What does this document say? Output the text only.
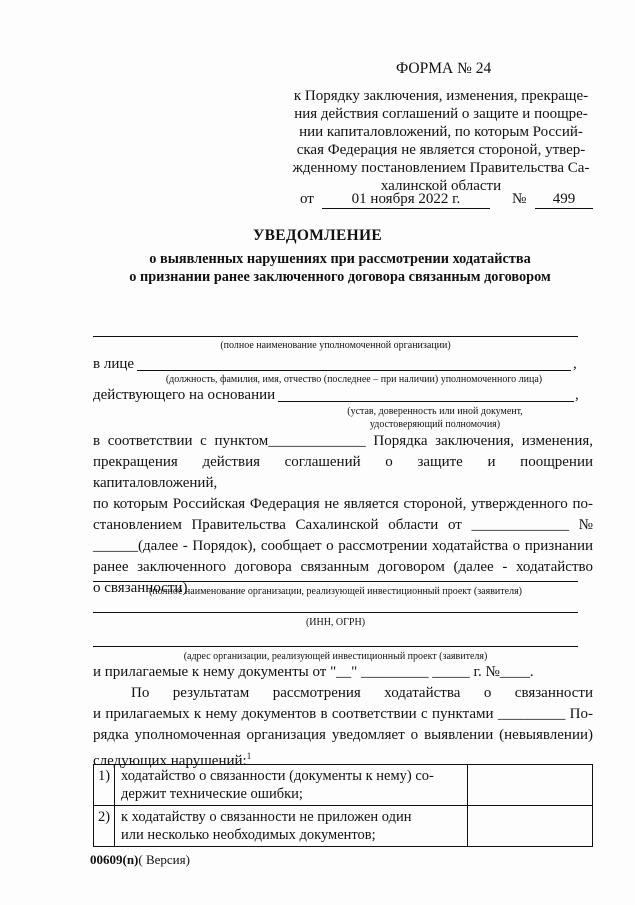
ФОРМА № 24
к Порядку заключения, изменения, прекраще-
ния действия соглашений о защите и поощре-
нии капиталовложений, по которым Россий-
ская Федерация не является стороной, утвер-
жденному постановлением Правительства Са-
халинской области
от	01 ноября 2022 г.	№	499
УВЕДОМЛЕНИЕ
о выявленных нарушениях при рассмотрении ходатайства
о признании ранее заключенного договора связанным договором
(полное наименование уполномоченной организации)
в лице	,
(должность, фамилия, имя, отчество (последнее – при наличии) уполномоченного лица)
действующего на основании	,
(устав, доверенность или иной документ,
удостоверяющий полномочия)
в соответствии с пунктом_____________ Порядка заключения, изменения,
прекращения действия соглашений о защите и поощрении капиталовложений,
по которым Российская Федерация не является стороной, утвержденного по-
становлением Правительства Сахалинской области от _____________ №
______(далее - Порядок), сообщает о рассмотрении ходатайства о признании
ранее заключенного договора связанным договором (далее - ходатайство
о связанности)
(полное наименование организации, реализующей инвестиционный проект (заявителя)
(ИНН, ОГРН)
(адрес организации, реализующей инвестиционный проект (заявителя)
и прилагаемые к нему документы от "__" _________ _____ г. №____.
По результатам рассмотрения ходатайства о связанности
и прилагаемых к нему документов в соответствии с пунктами _________ По-
рядка уполномоченная организация уведомляет о выявлении (невыявлении)
следующих нарушений:$^1$
1)	ходатайство о связанности (документы к нему) со-
держит технические ошибки;	

2)	к ходатайству о связанности не приложен один
или несколько необходимых документов;	

00609(n)( Версия)
